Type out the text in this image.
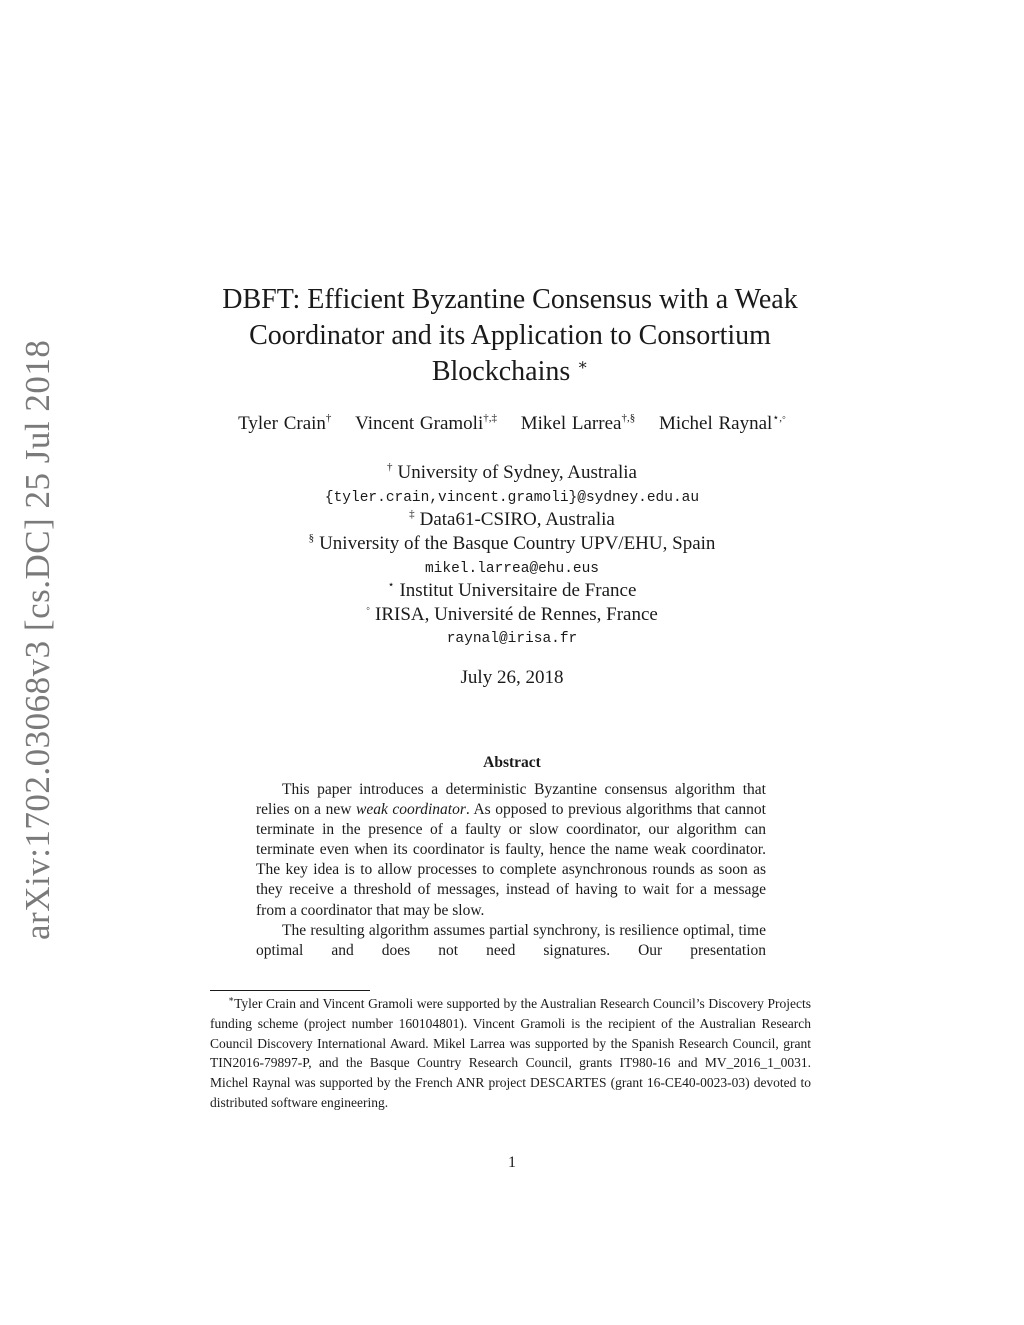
arXiv:1702.03068v3 [cs.DC] 25 Jul 2018
DBFT: Efficient Byzantine Consensus with a Weak
Coordinator and its Application to Consortium
Blockchains ∗
Tyler Crain† Vincent Gramoli†,‡ Mikel Larrea†,§ Michel Raynal⋆,◦
† University of Sydney, Australia
{tyler.crain,vincent.gramoli}@sydney.edu.au
‡ Data61-CSIRO, Australia
§ University of the Basque Country UPV/EHU, Spain
mikel.larrea@ehu.eus
⋆ Institut Universitaire de France
◦ IRISA, Université de Rennes, France
raynal@irisa.fr
July 26, 2018
Abstract

This paper introduces a deterministic Byzantine consensus algorithm that relies on a new weak coordinator. As opposed to previous algorithms that cannot terminate in the presence of a faulty or slow coordinator, our algorithm can terminate even when its coordinator is faulty, hence the name weak coordinator. The key idea is to allow processes to complete asynchronous rounds as soon as they receive a threshold of messages, instead of having to wait for a message from a coordinator that may be slow.

The resulting algorithm assumes partial synchrony, is resilience optimal, time optimal and does not need signatures. Our presentation

∗Tyler Crain and Vincent Gramoli were supported by the Australian Research Council’s Discovery Projects funding scheme (project number 160104801). Vincent Gramoli is the recipient of the Australian Research Council Discovery International Award. Mikel Larrea was supported by the Spanish Research Council, grant TIN2016-79897-P, and the Basque Country Research Council, grants IT980-16 and MV_2016_1_0031. Michel Raynal was supported by the French ANR project DESCARTES (grant 16-CE40-0023-03) devoted to distributed software engineering.
1
